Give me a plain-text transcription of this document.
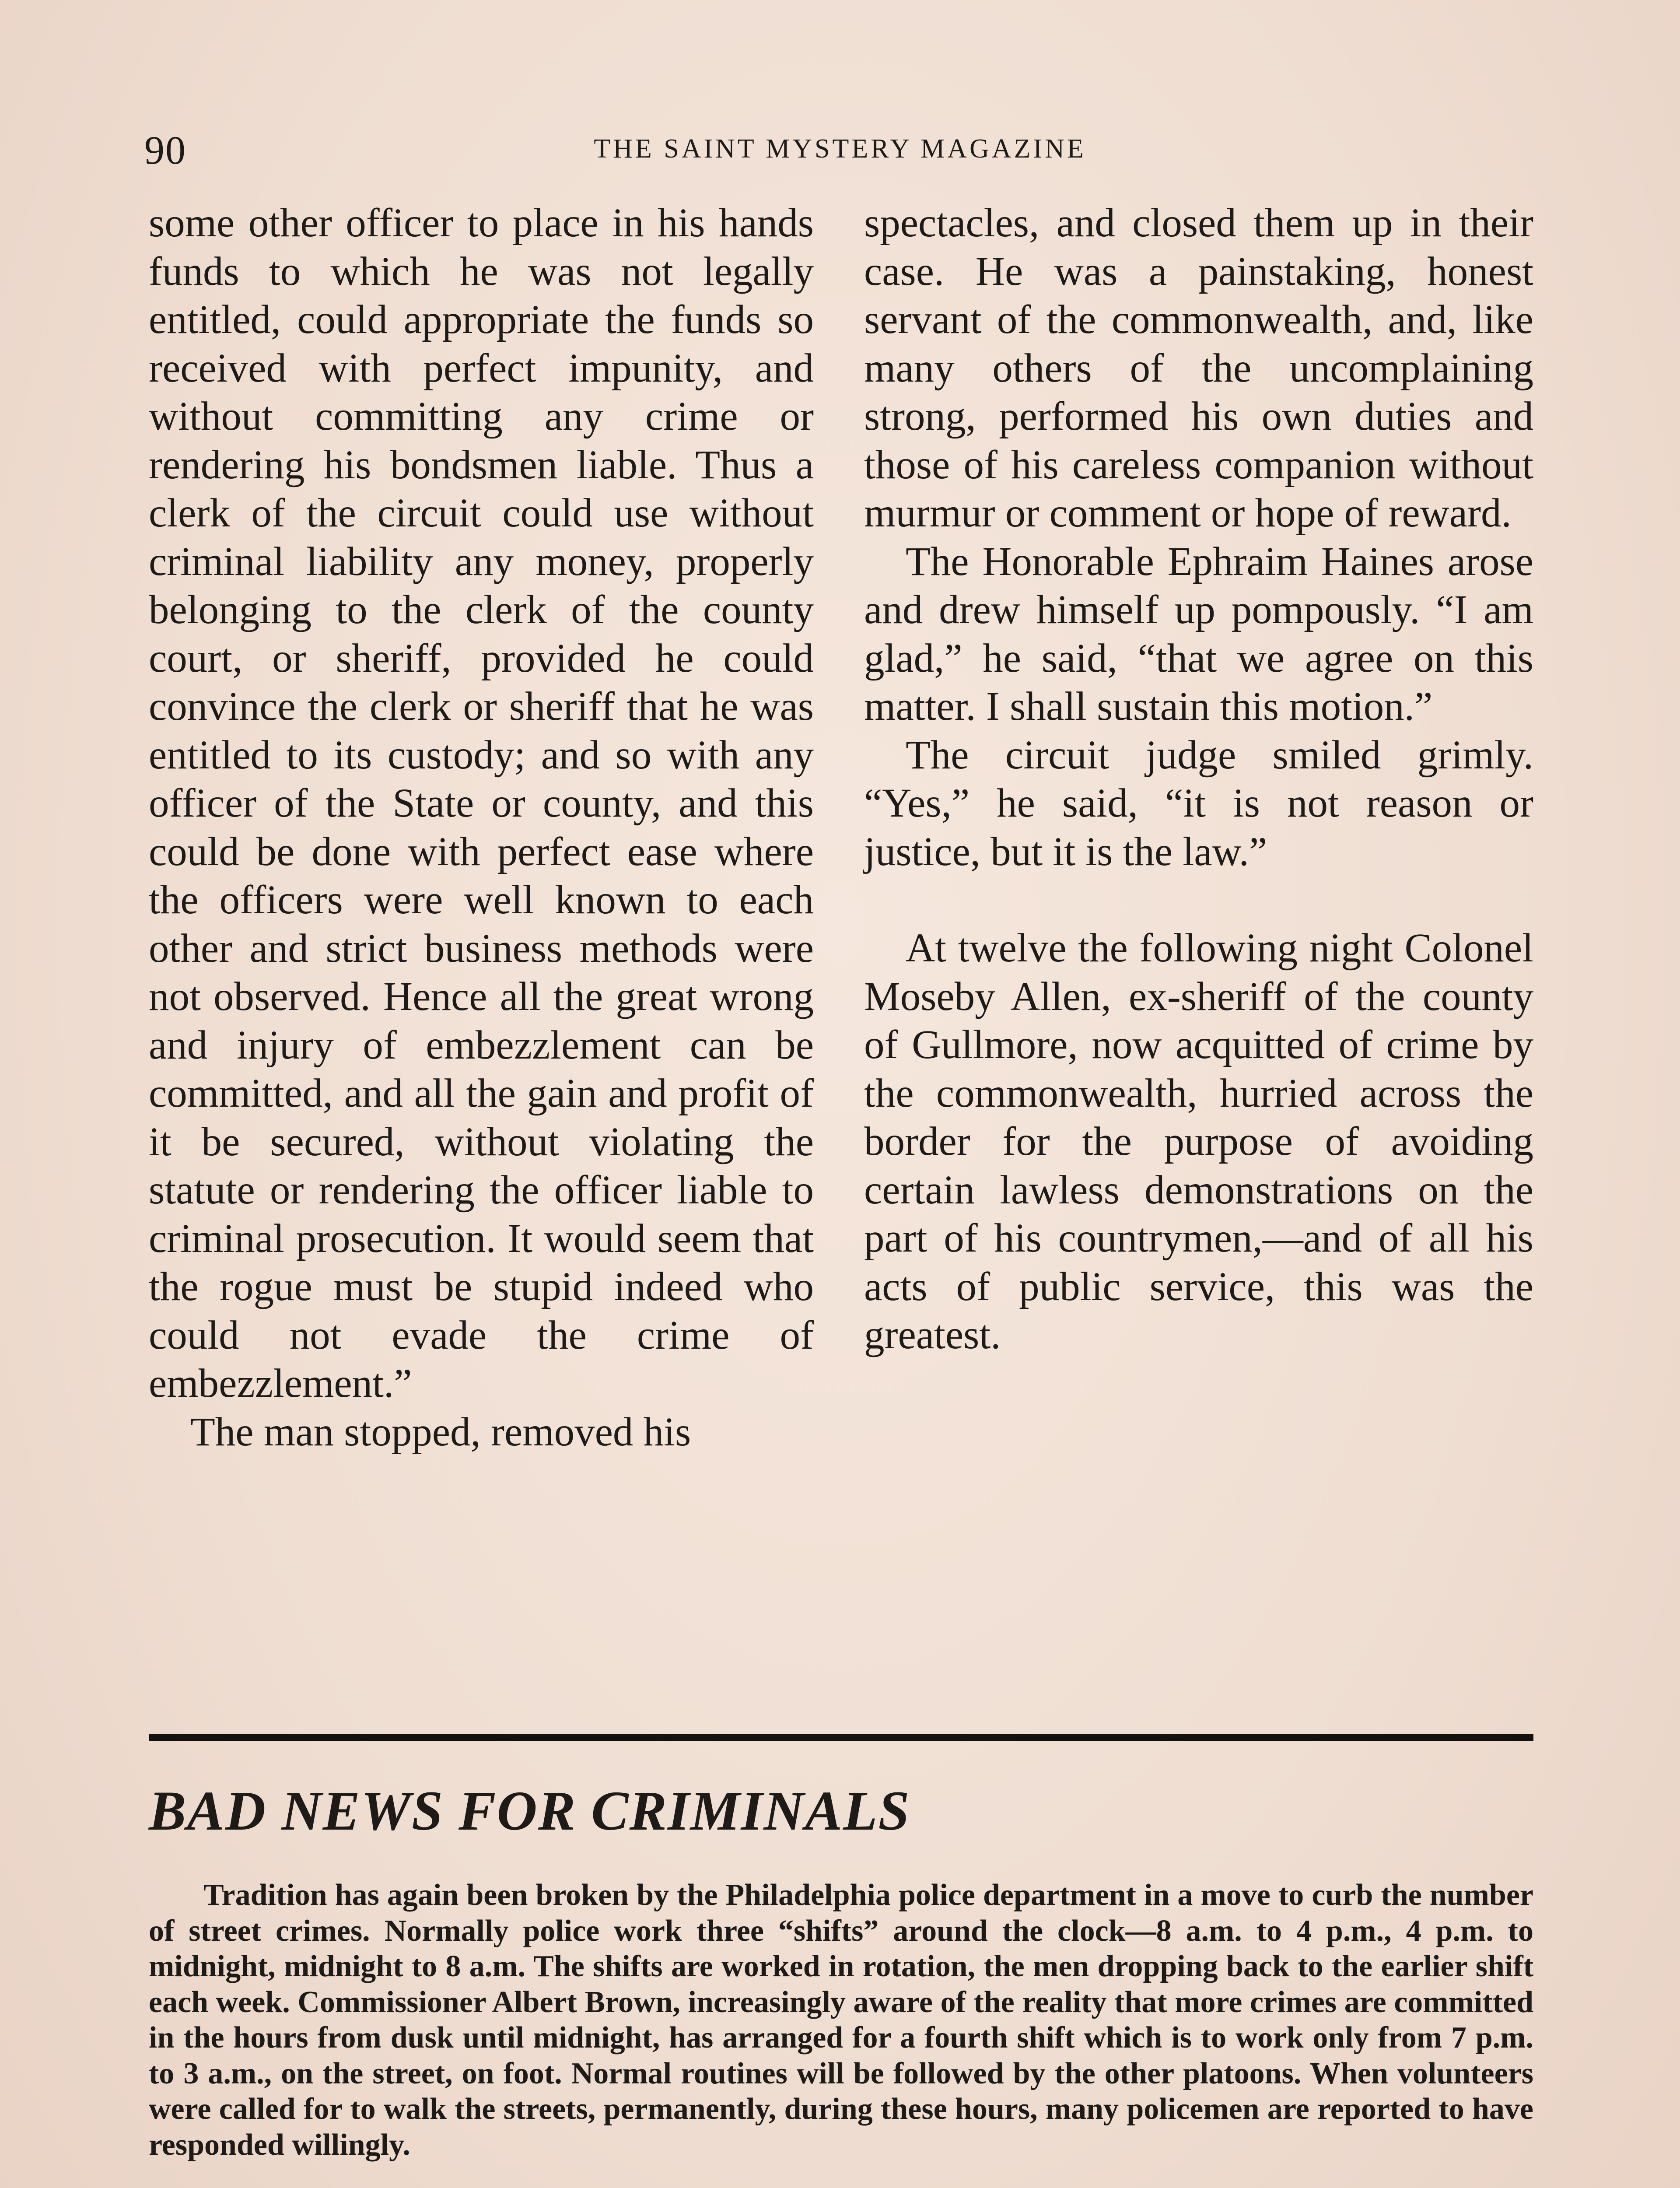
90	THE SAINT MYSTERY MAGAZINE

some other officer to place in his hands funds to which he was not legally entitled, could appropriate the funds so received with perfect impunity, and without committing any crime or rendering his bondsmen liable. Thus a clerk of the circuit could use without criminal liability any money, properly belonging to the clerk of the county court, or sheriff, provided he could convince the clerk or sheriff that he was entitled to its custody; and so with any officer of the State or county, and this could be done with perfect ease where the officers were well known to each other and strict business methods were not observed. Hence all the great wrong and injury of embezzlement can be committed, and all the gain and profit of it be secured, without violating the statute or rendering the officer liable to criminal prosecution. It would seem that the rogue must be stupid indeed who could not evade the crime of embezzlement.”

The man stopped, removed his

spectacles, and closed them up in their case. He was a painstaking, honest servant of the commonwealth, and, like many others of the uncomplaining strong, performed his own duties and those of his careless companion without murmur or comment or hope of reward.

The Honorable Ephraim Haines arose and drew himself up pompously. “I am glad,” he said, “that we agree on this matter. I shall sustain this motion.”

The circuit judge smiled grimly. “Yes,” he said, “it is not reason or justice, but it is the law.”

At twelve the following night Colonel Moseby Allen, ex-sheriff of the county of Gullmore, now acquitted of crime by the commonwealth, hurried across the border for the purpose of avoiding certain lawless demonstrations on the part of his countrymen,—and of all his acts of public service, this was the greatest.

BAD NEWS FOR CRIMINALS
Tradition has again been broken by the Philadelphia police department in a move to curb the number of street crimes. Normally police work three “shifts” around the clock—8 a.m. to 4 p.m., 4 p.m. to midnight, midnight to 8 a.m. The shifts are worked in rotation, the men dropping back to the earlier shift each week. Commissioner Albert Brown, increasingly aware of the reality that more crimes are committed in the hours from dusk until midnight, has arranged for a fourth shift which is to work only from 7 p.m. to 3 a.m., on the street, on foot. Normal routines will be followed by the other platoons. When volunteers were called for to walk the streets, permanently, during these hours, many policemen are reported to have responded willingly.
